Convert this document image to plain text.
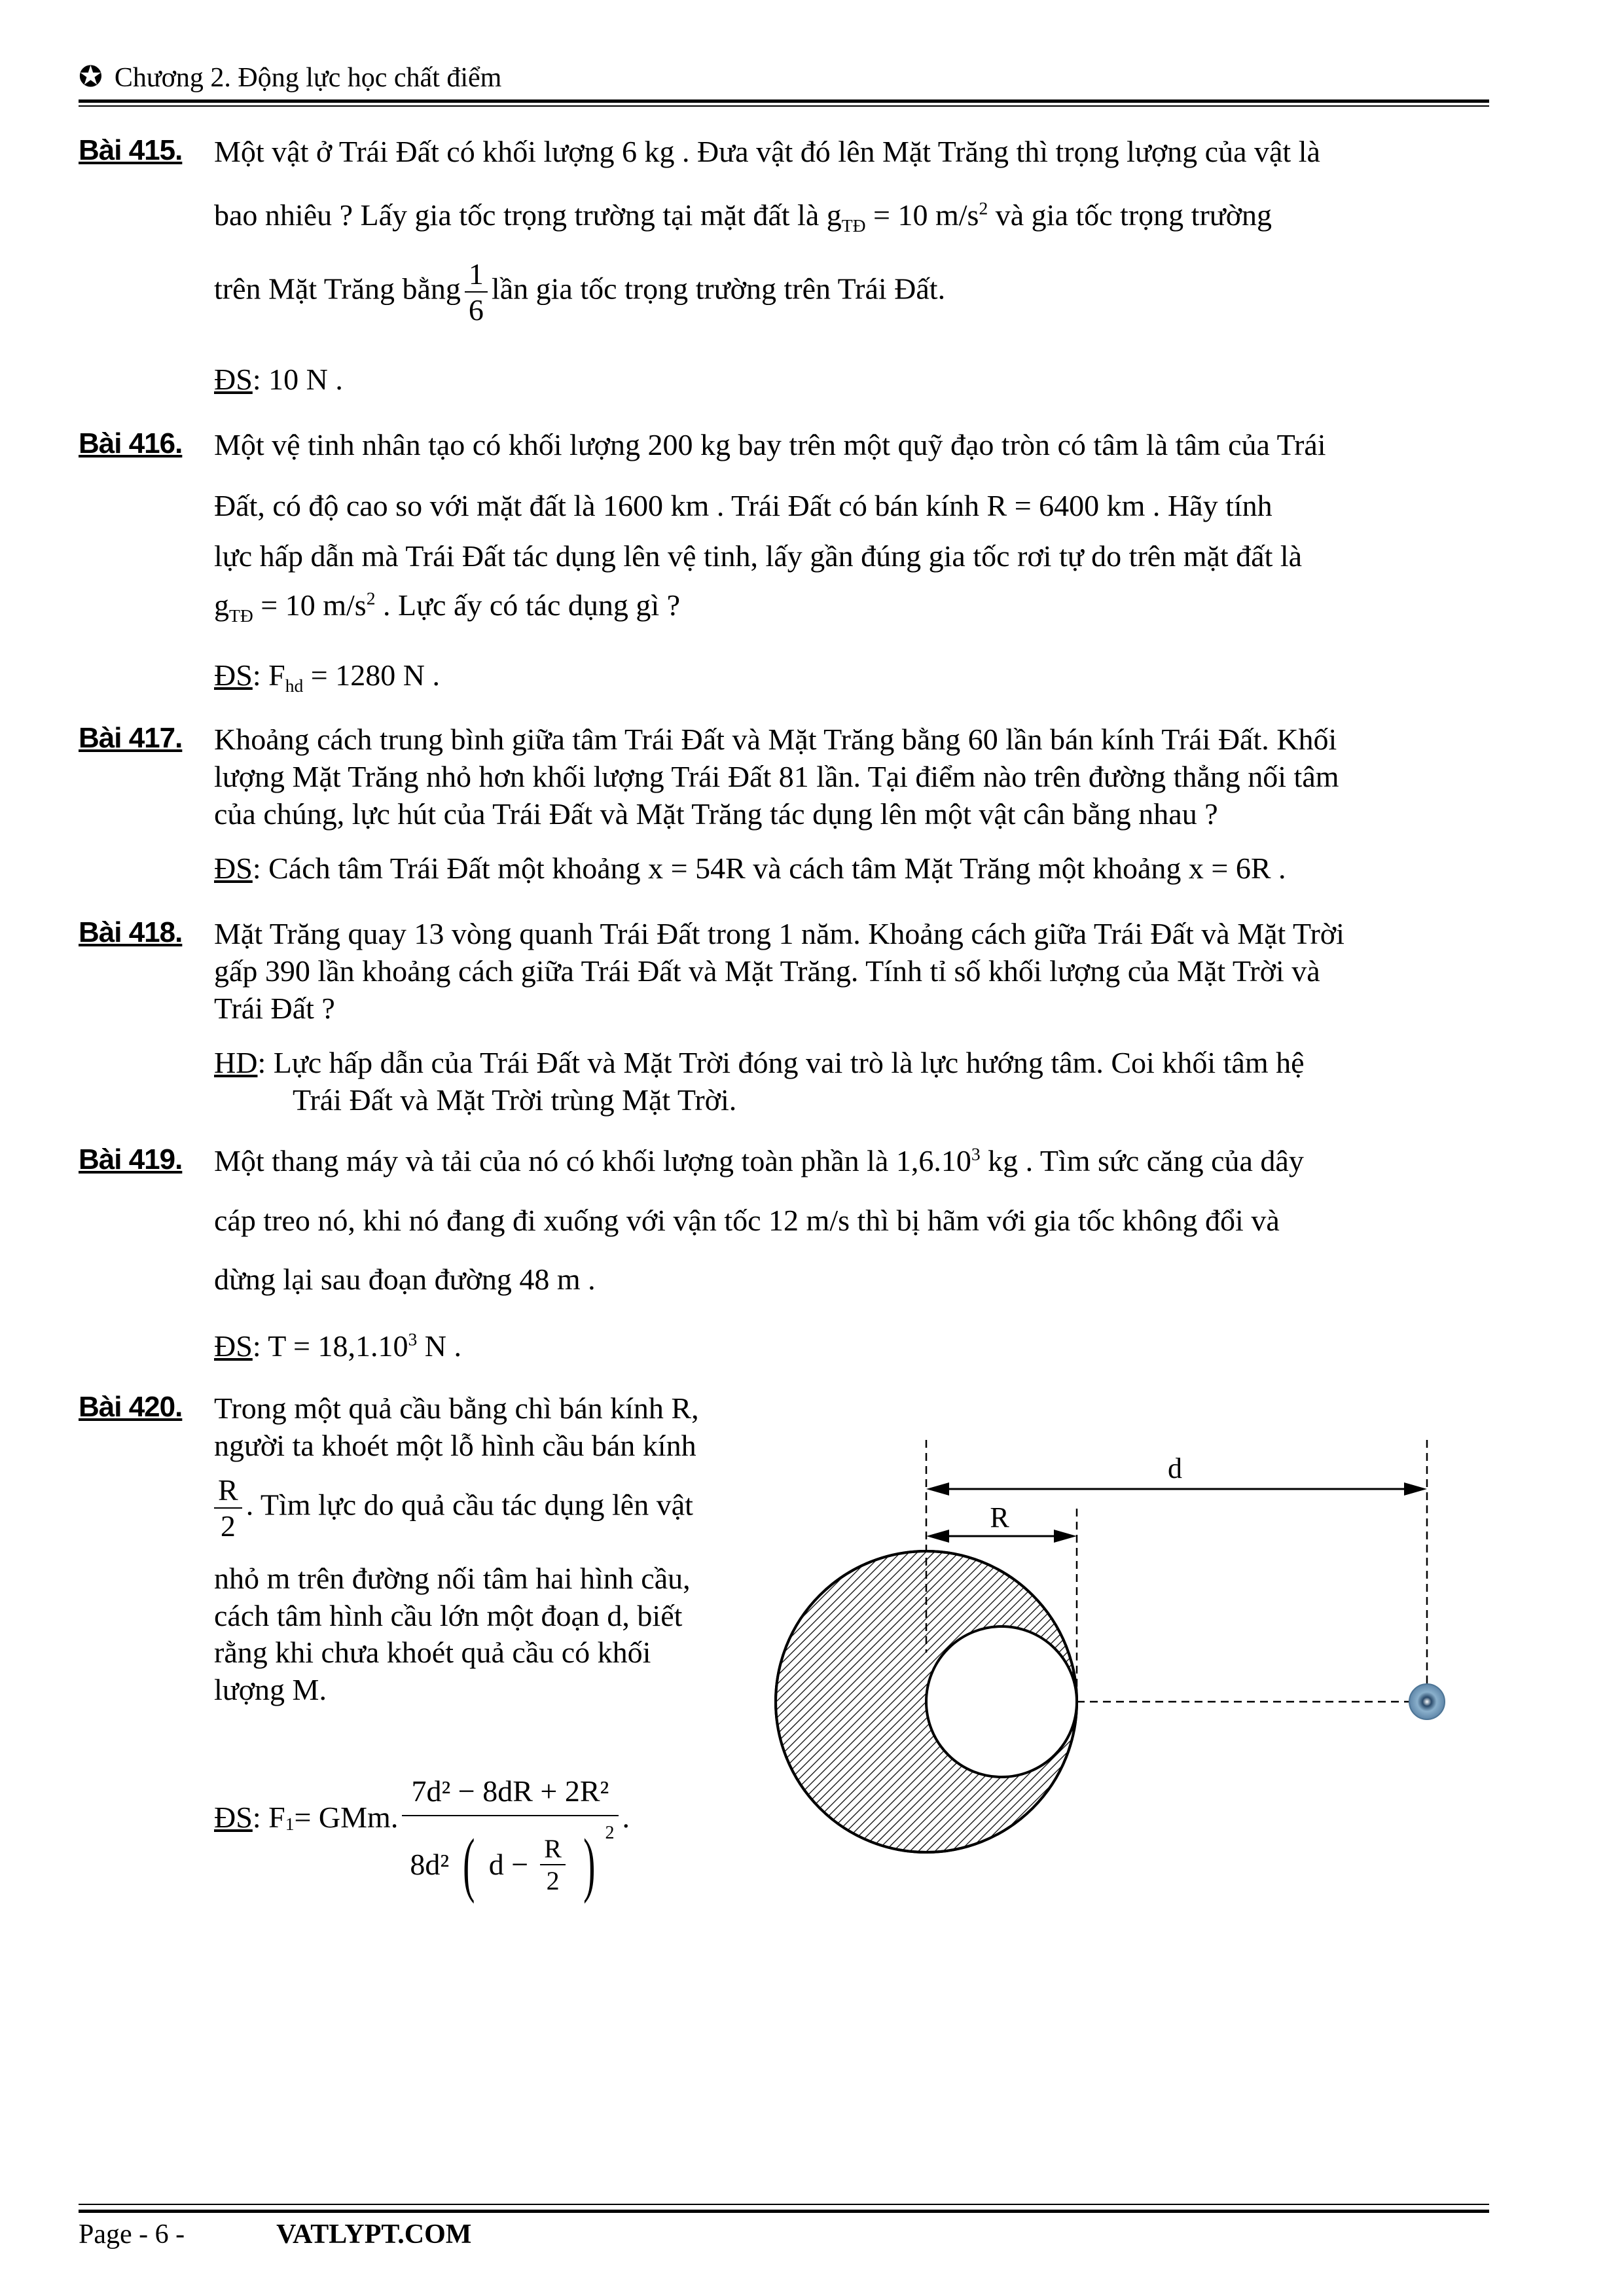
✪ Chương 2. Động lực học chất điểm
Bài 415. Một vật ở Trái Đất có khối lượng 6 kg . Đưa vật đó lên Mặt Trăng thì trọng lượng của vật là
bao nhiêu ? Lấy gia tốc trọng trường tại mặt đất là $g_{TĐ} = 10$ $m/s^2$ và gia tốc trọng trường
trên Mặt Trăng bằng $\frac{1}{6}$ lần gia tốc trọng trường trên Trái Đất.
ĐS: 10 N .
Bài 416. Một vệ tinh nhân tạo có khối lượng 200 kg bay trên một quỹ đạo tròn có tâm là tâm của Trái
Đất, có độ cao so với mặt đất là 1600 km . Trái Đất có bán kính R = 6400 km . Hãy tính
lực hấp dẫn mà Trái Đất tác dụng lên vệ tinh, lấy gần đúng gia tốc rơi tự do trên mặt đất là
$g_{TĐ} = 10$ $m/s^2$ . Lực ấy có tác dụng gì ?
ĐS: $F_{hd} = 1280$ N .
Bài 417. Khoảng cách trung bình giữa tâm Trái Đất và Mặt Trăng bằng 60 lần bán kính Trái Đất. Khối
lượng Mặt Trăng nhỏ hơn khối lượng Trái Đất 81 lần. Tại điểm nào trên đường thẳng nối tâm
của chúng, lực hút của Trái Đất và Mặt Trăng tác dụng lên một vật cân bằng nhau ?
ĐS: Cách tâm Trái Đất một khoảng x = 54R và cách tâm Mặt Trăng một khoảng x = 6R .
Bài 418. Mặt Trăng quay 13 vòng quanh Trái Đất trong 1 năm. Khoảng cách giữa Trái Đất và Mặt Trời
gấp 390 lần khoảng cách giữa Trái Đất và Mặt Trăng. Tính tỉ số khối lượng của Mặt Trời và
Trái Đất ?
HD: Lực hấp dẫn của Trái Đất và Mặt Trời đóng vai trò là lực hướng tâm. Coi khối tâm hệ
Trái Đất và Mặt Trời trùng Mặt Trời.
Bài 419. Một thang máy và tải của nó có khối lượng toàn phần là 1,6.10$^3$ kg . Tìm sức căng của dây
cáp treo nó, khi nó đang đi xuống với vận tốc 12 m/s thì bị hãm với gia tốc không đổi và
dừng lại sau đoạn đường 48 m .
ĐS: $T = 18,1.10^3$ N .
Bài 420. Trong một quả cầu bằng chì bán kính R,
người ta khoét một lỗ hình cầu bán kính
$\frac{R}{2}$ . Tìm lực do quả cầu tác dụng lên vật
nhỏ m trên đường nối tâm hai hình cầu,
cách tâm hình cầu lớn một đoạn d, biết
rằng khi chưa khoét quả cầu có khối
lượng M.
ĐS : $F_1$ = GMm. $\frac{\text{7d² − 8dR + 2R²}}{8d^2 ( d - \frac{R}{2} ) ^2}$ .
d
R
Page - 6 -	VATLYPT.COM
